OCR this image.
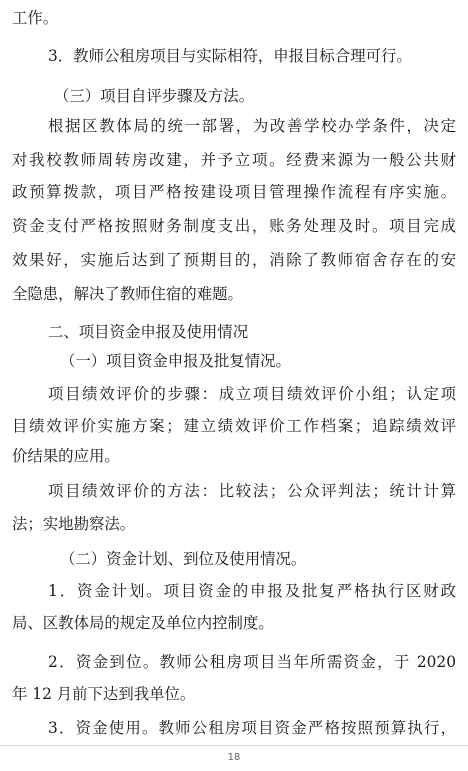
工作。
3．教师公租房项目与实际相符，申报目标合理可行。
（三）项目自评步骤及方法。
根据区教体局的统一部署，为改善学校办学条件，决定
对我校教师周转房改建，并予立项。经费来源为一般公共财
政预算拨款，项目严格按建设项目管理操作流程有序实施。
资金支付严格按照财务制度支出，账务处理及时。项目完成
效果好，实施后达到了预期目的，消除了教师宿舍存在的安
全隐患，解决了教师住宿的难题。
二、项目资金申报及使用情况
（一）项目资金申报及批复情况。
项目绩效评价的步骤：成立项目绩效评价小组；认定项
目绩效评价实施方案；建立绩效评价工作档案；追踪绩效评
价结果的应用。
项目绩效评价的方法：比较法；公众评判法；统计计算
法；实地勘察法。
（二）资金计划、到位及使用情况。
1．资金计划。项目资金的申报及批复严格执行区财政
局、区教体局的规定及单位内控制度。
2．资金到位。教师公租房项目当年所需资金，于 2020
年 12 月前下达到我单位。
3．资金使用。教师公租房项目资金严格按照预算执行，
18
